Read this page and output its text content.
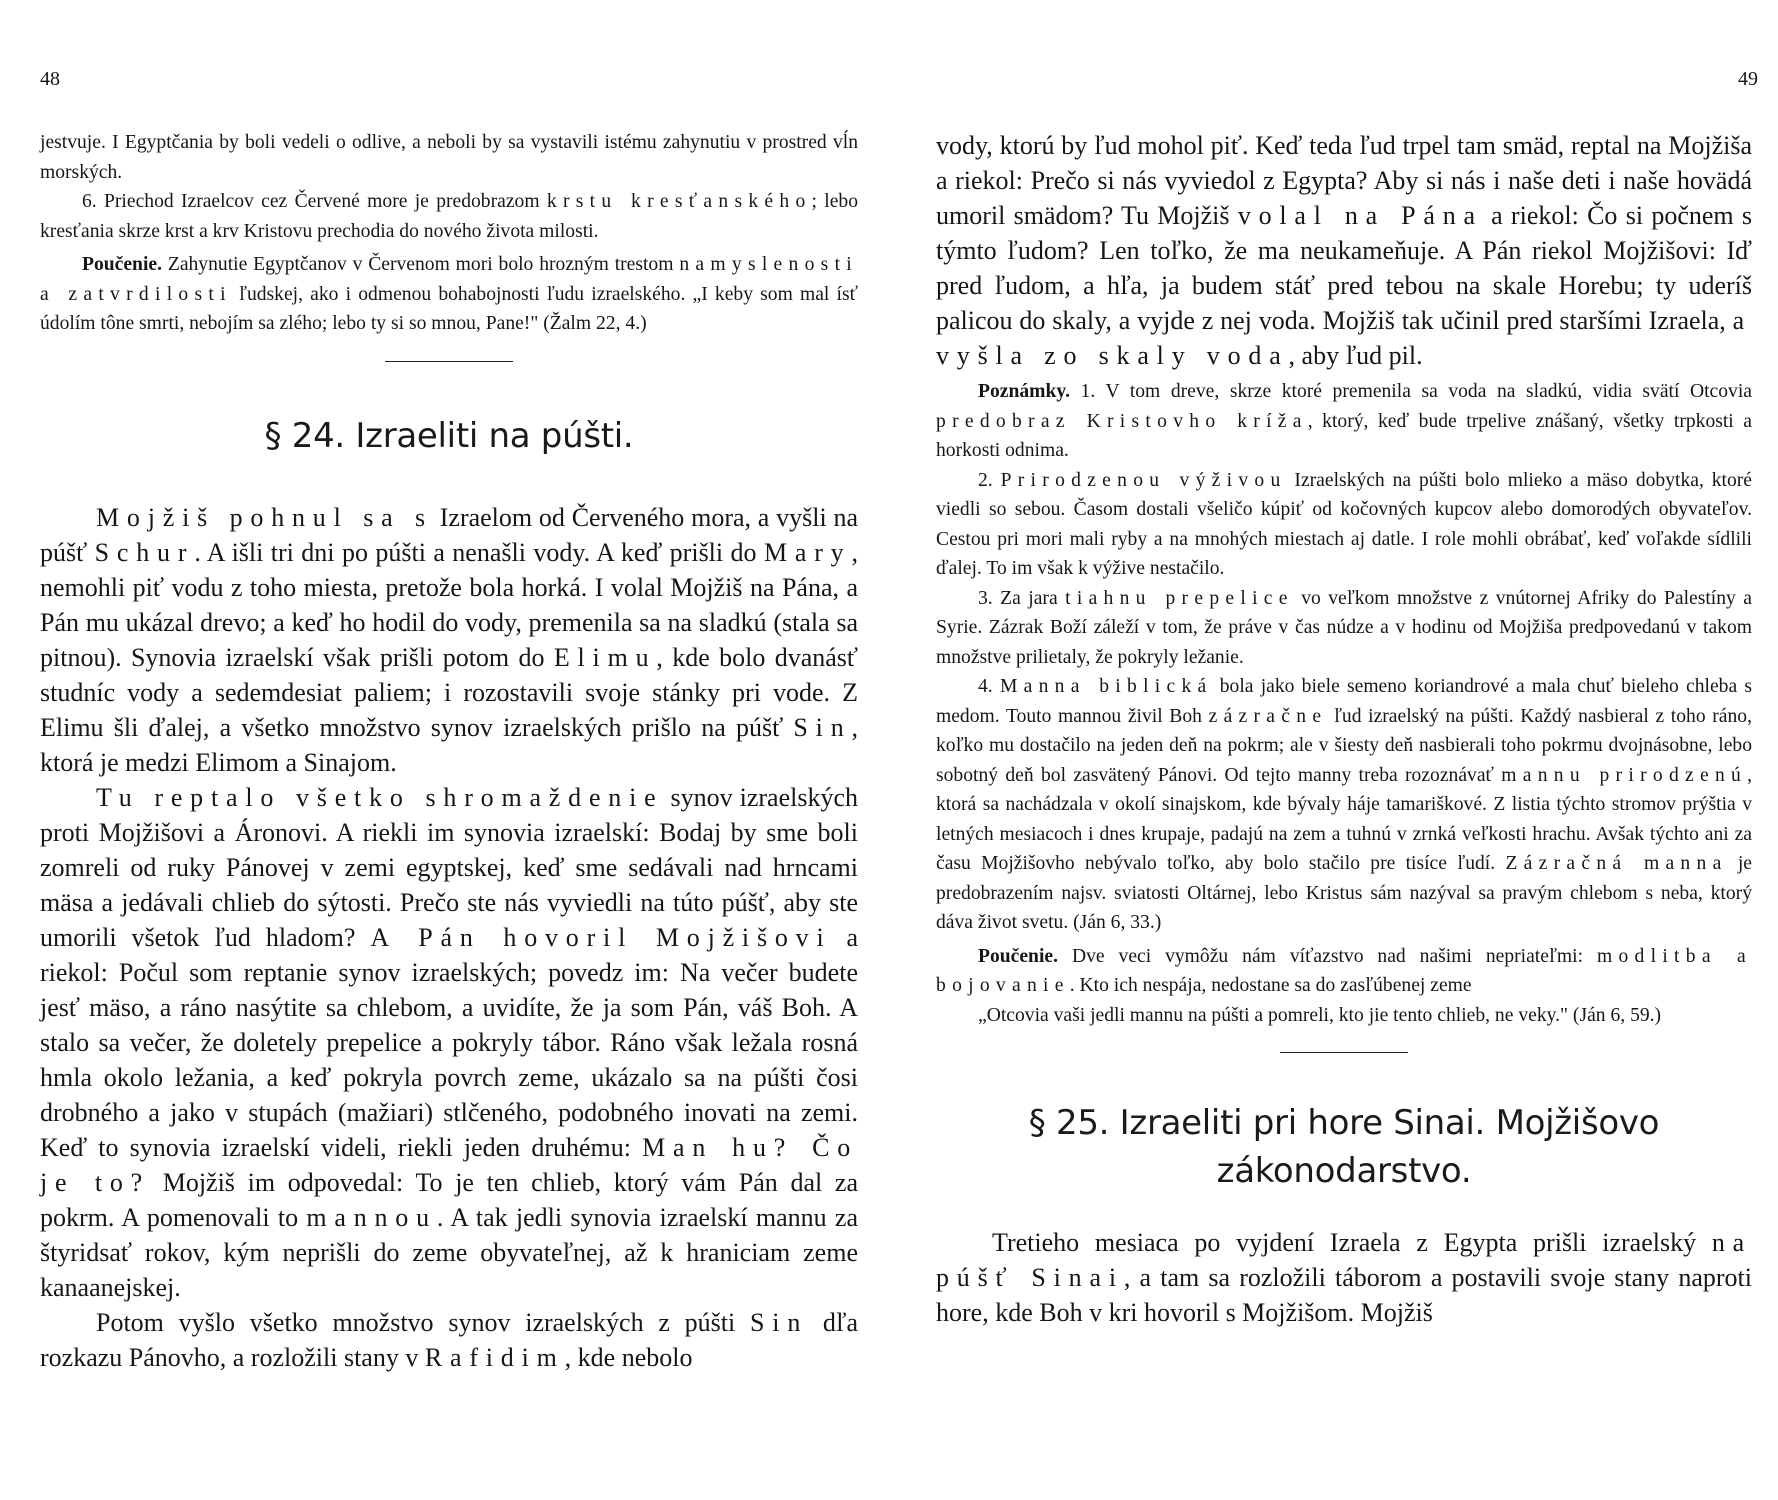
48	49

jestvuje. I Egyptčania by boli vedeli o odlive, a neboli by sa vystavili istému zahynutiu v prostred vĺn morských.

6. Priechod Izraelcov cez Červené more je predobrazom krstu kresťanského; lebo kresťania skrze krst a krv Kristovu prechodia do nového života milosti.

Poučenie. Zahynutie Egyptčanov v Červenom mori bolo hrozným trestom namyslenosti a zatvrdilosti ľudskej, ako i odmenou bohabojnosti ľudu izraelského. „I keby som mal ísť údolím tône smrti, nebojím sa zlého; lebo ty si so mnou, Pane!" (Žalm 22, 4.)

§ 24. Izraeliti na púšti.

Mojžiš pohnul sa s Izraelom od Červeného mora, a vyšli na púšť Schur. A išli tri dni po púšti a nenašli vody. A keď prišli do Mary, nemohli piť vodu z toho miesta, pretože bola horká. I volal Mojžiš na Pána, a Pán mu ukázal drevo; a keď ho hodil do vody, premenila sa na sladkú (stala sa pitnou). Synovia izraelskí však prišli potom do Elimu, kde bolo dvanásť studníc vody a sedemdesiat paliem; i rozostavili svoje stánky pri vode. Z Elimu šli ďalej, a všetko množstvo synov izraelských prišlo na púšť Sin, ktorá je medzi Elimom a Sinajom.

Tu reptalo všetko shromaždenie synov izraelských proti Mojžišovi a Áronovi. A riekli im synovia izraelskí: Bodaj by sme boli zomreli od ruky Pánovej v zemi egyptskej, keď sme sedávali nad hrncami mäsa a jedávali chlieb do sýtosti. Prečo ste nás vyviedli na túto púšť, aby ste umorili všetok ľud hladom? A Pán hovoril Mojžišovi a riekol: Počul som reptanie synov izraelských; povedz im: Na večer budete jesť mäso, a ráno nasýtite sa chlebom, a uvidíte, že ja som Pán, váš Boh. A stalo sa večer, že doletely prepelice a pokryly tábor. Ráno však ležala rosná hmla okolo ležania, a keď pokryla povrch zeme, ukázalo sa na púšti čosi drobného a jako v stupách (mažiari) stlčeného, podobného inovati na zemi. Keď to synovia izraelskí videli, riekli jeden druhému: Man hu? Čo je to? Mojžiš im odpovedal: To je ten chlieb, ktorý vám Pán dal za pokrm. A pomenovali to mannou. A tak jedli synovia izraelskí mannu za štyridsať rokov, kým neprišli do zeme obyvateľnej, až k hraniciam zeme kanaanejskej.

Potom vyšlo všetko množstvo synov izraelských z púšti Sin dľa rozkazu Pánovho, a rozložili stany v Rafidim, kde nebolo

vody, ktorú by ľud mohol piť. Keď teda ľud trpel tam smäd, reptal na Mojžiša a riekol: Prečo si nás vyviedol z Egypta? Aby si nás i naše deti i naše hovädá umoril smädom? Tu Mojžiš volal na Pána a riekol: Čo si počnem s týmto ľudom? Len toľko, že ma neukameňuje. A Pán riekol Mojžišovi: Iď pred ľudom, a hľa, ja budem stáť pred tebou na skale Horebu; ty uderíš palicou do skaly, a vyjde z nej voda. Mojžiš tak učinil pred staršími Izraela, a vyšla zo skaly voda, aby ľud pil.

Poznámky. 1. V tom dreve, skrze ktoré premenila sa voda na sladkú, vidia svätí Otcovia predobraz Kristovho kríža, ktorý, keď bude trpelive znášaný, všetky trpkosti a horkosti odnima.

2. Prirodzenou výživou Izraelských na púšti bolo mlieko a mäso dobytka, ktoré viedli so sebou. Časom dostali všeličo kúpiť od kočovných kupcov alebo domorodých obyvateľov. Cestou pri mori mali ryby a na mnohých miestach aj datle. I role mohli obrábať, keď voľakde sídlili ďalej. To im však k výžive nestačilo.

3. Za jara tiahnu prepelice vo veľkom množstve z vnútornej Afriky do Palestíny a Syrie. Zázrak Boží záleží v tom, že práve v čas núdze a v hodinu od Mojžiša predpovedanú v takom množstve prilietaly, že pokryly ležanie.

4. Manna biblická bola jako biele semeno koriandrové a mala chuť bieleho chleba s medom. Touto mannou živil Boh zázračne ľud izraelský na púšti. Každý nasbieral z toho ráno, koľko mu dostačilo na jeden deň na pokrm; ale v šiesty deň nasbierali toho pokrmu dvojnásobne, lebo sobotný deň bol zasvätený Pánovi. Od tejto manny treba rozoznávať mannu prirodzenú, ktorá sa nachádzala v okolí sinajskom, kde bývaly háje tamariškové. Z listia týchto stromov prýštia v letných mesiacoch i dnes krupaje, padajú na zem a tuhnú v zrnká veľkosti hrachu. Avšak týchto ani za času Mojžišovho nebývalo toľko, aby bolo stačilo pre tisíce ľudí. Zázračná manna je predobrazením najsv. sviatosti Oltárnej, lebo Kristus sám nazýval sa pravým chlebom s neba, ktorý dáva život svetu. (Ján 6, 33.)

Poučenie. Dve veci vymôžu nám víťazstvo nad našimi nepriateľmi: modlitba a bojovanie. Kto ich nespája, nedostane sa do zasľúbenej zeme

„Otcovia vaši jedli mannu na púšti a pomreli, kto jie tento chlieb, ne veky." (Ján 6, 59.)

§ 25. Izraeliti pri hore Sinai. Mojžišovo zákonodarstvo.

Tretieho mesiaca po vyjdení Izraela z Egypta prišli izraelský na púšť Sinai, a tam sa rozložili táborom a postavili svoje stany naproti hore, kde Boh v kri hovoril s Mojžišom. Mojžiš
